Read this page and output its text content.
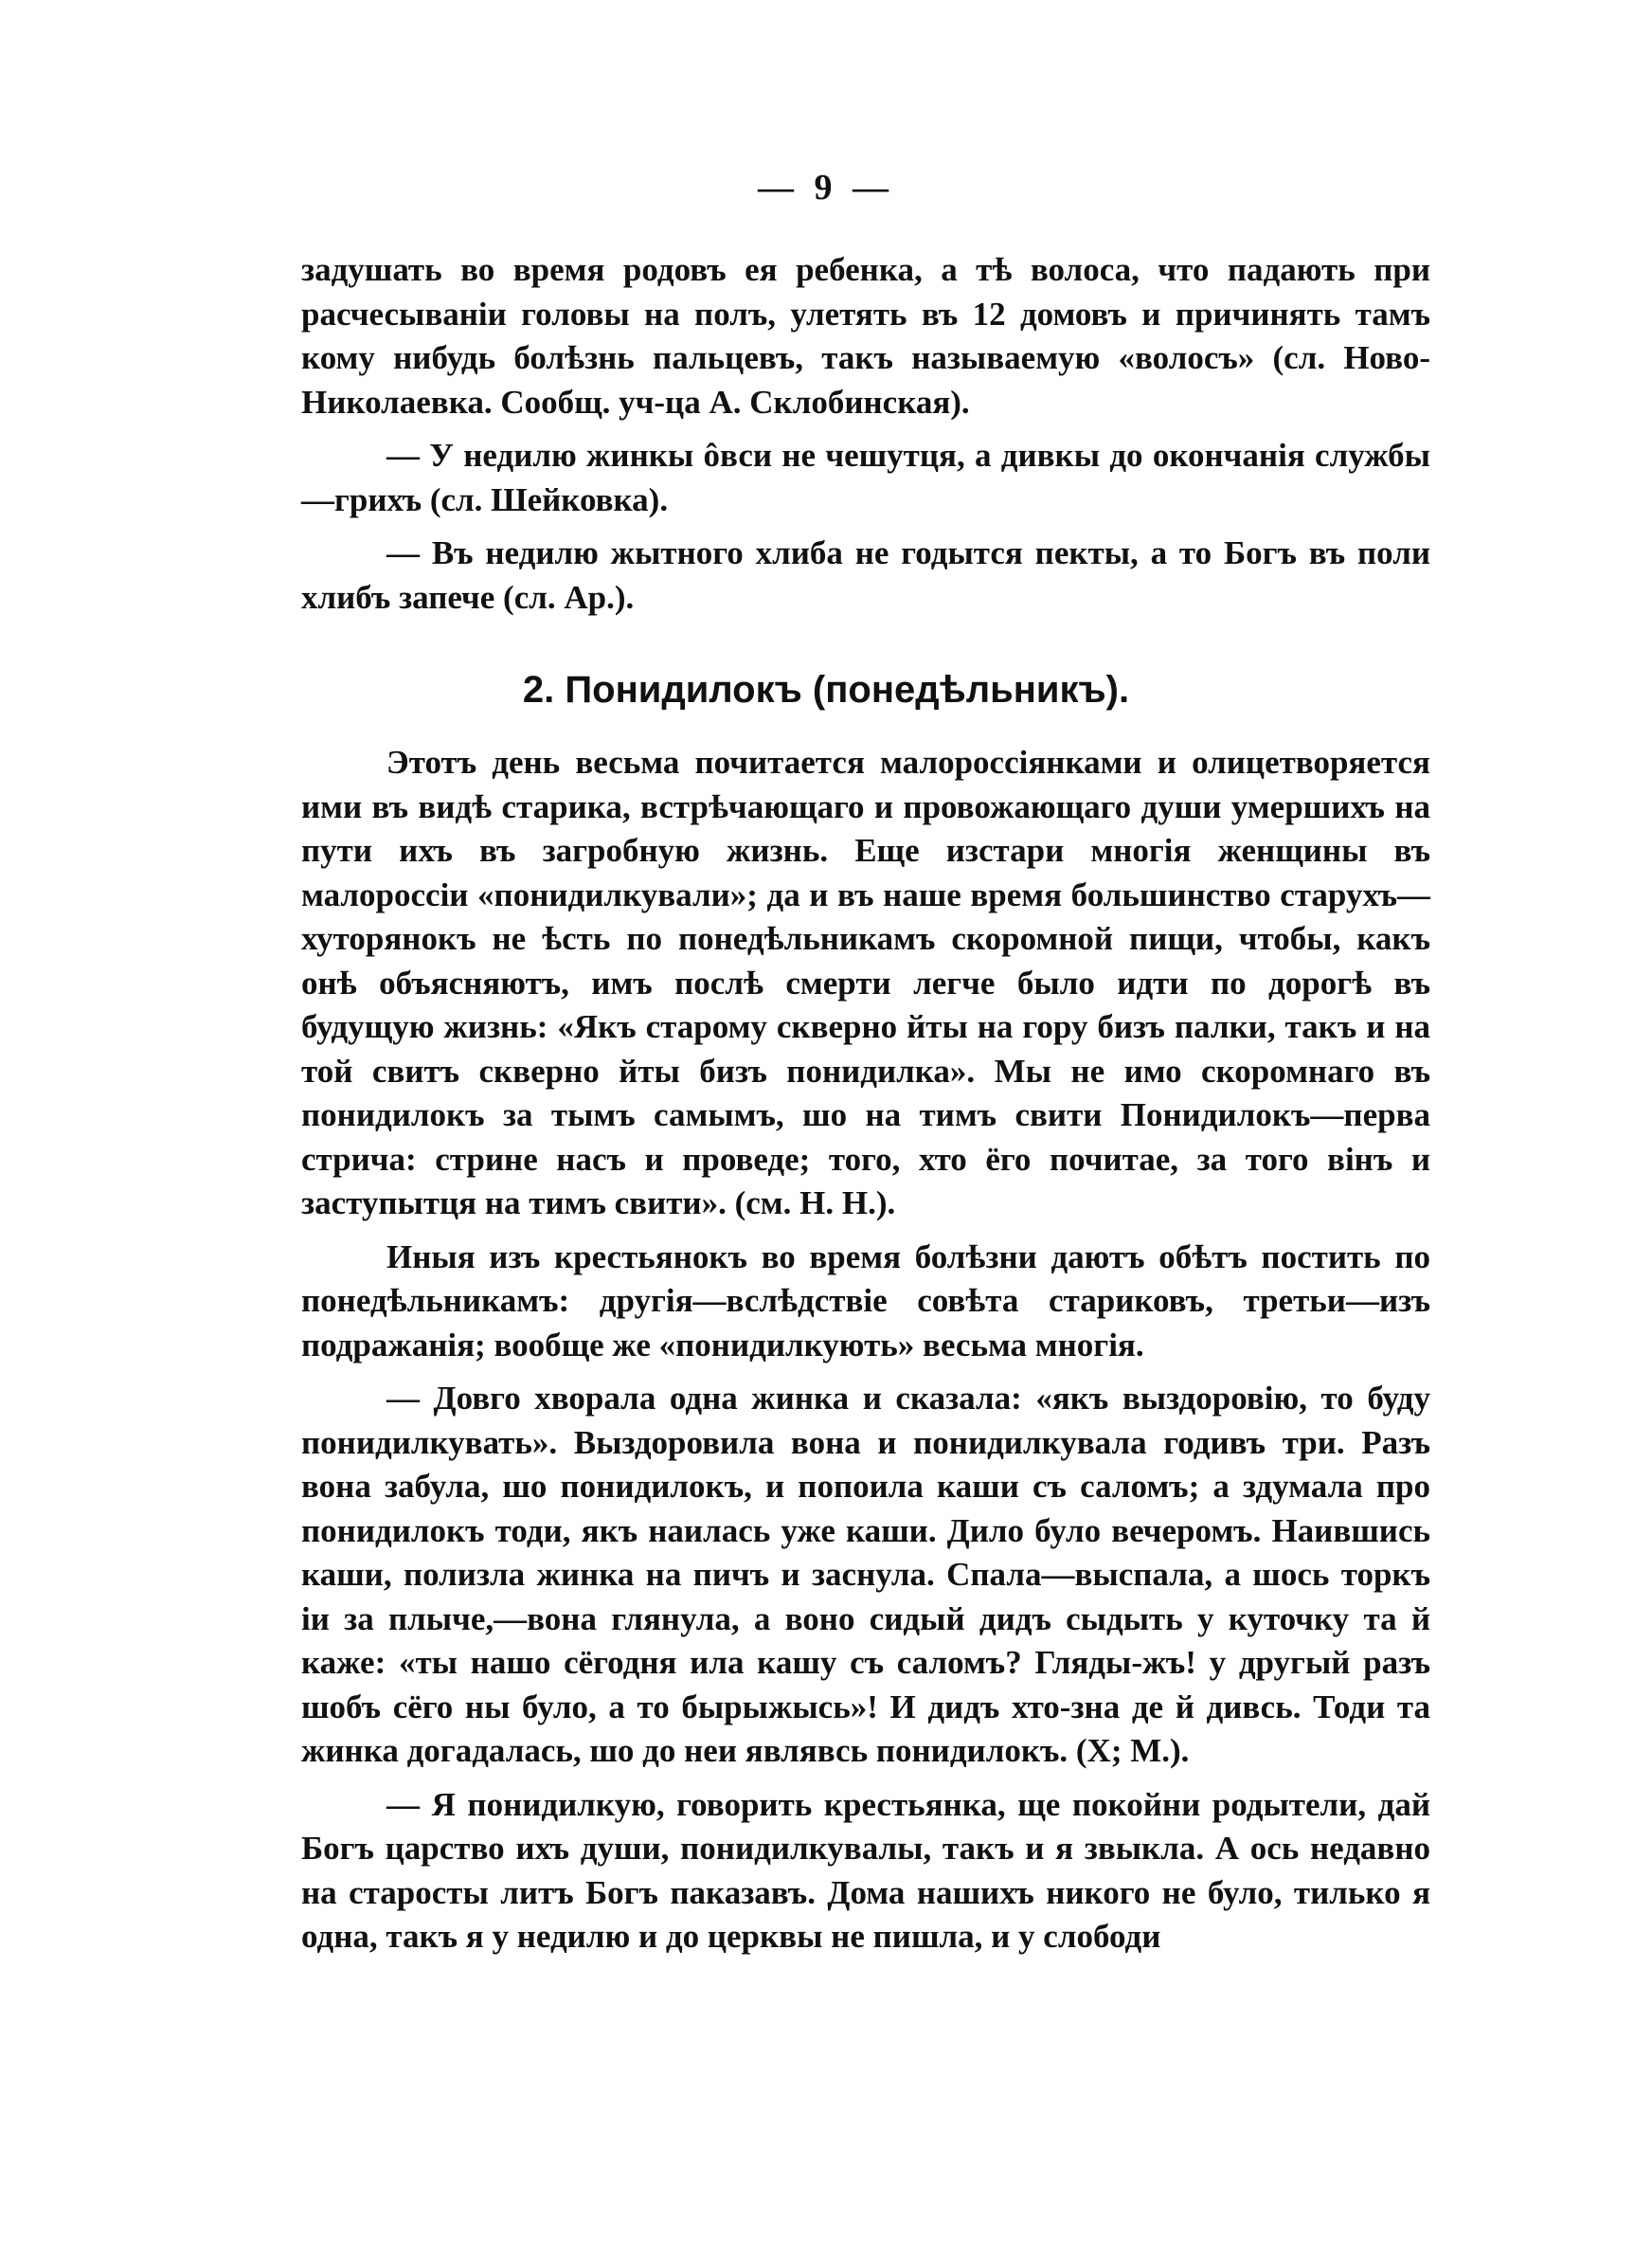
— 9 —

задушать во время родовъ ея ребенка, а тѣ волоса, что падають при расчесываніи головы на полъ, улетять въ 12 домовъ и причинять тамъ кому нибудь болѣзнь пальцевъ, такъ называемую «волосъ» (сл. Ново-Николаевка. Сообщ. уч-ца А. Склобинская).

— У недилю жинкы ôвси не чешутця, а дивкы до окончанія службы—грихъ (сл. Шейковка).

— Въ недилю жытного хлиба не годытся пекты, а то Богъ въ поли хлибъ запече (сл. Ар.).

2. Понидилокъ (понедѣльникъ).

Этотъ день весьма почитается малороссіянками и олицетворяется ими въ видѣ старика, встрѣчающаго и провожающаго души умершихъ на пути ихъ въ загробную жизнь. Еще изстари многія женщины въ малороссіи «понидилкували»; да и въ наше время большинство старухъ—хуторянокъ не ѣсть по понедѣльникамъ скоромной пищи, чтобы, какъ онѣ объясняютъ, имъ послѣ смерти легче было идти по дорогѣ въ будущую жизнь: «Якъ старому скверно йты на гору бизъ палки, такъ и на той свитъ скверно йты бизъ понидилка». Мы не имо скоромнаго въ понидилокъ за тымъ самымъ, шо на тимъ свити Понидилокъ—перва стрича: стрине насъ и проведе; того, хто ёго почитае, за того вінъ и заступытця на тимъ свити». (см. Н. Н.).

Иныя изъ крестьянокъ во время болѣзни даютъ обѣтъ постить по понедѣльникамъ: другія—вслѣдствіе совѣта стариковъ, третьи—изъ подражанія; вообще же «понидилкують» весьма многія.

— Довго хворала одна жинка и сказала: «якъ выздоровію, то буду понидилкувать». Выздоровила вона и понидилкувала годивъ три. Разъ вона забула, шо понидилокъ, и попоила каши съ саломъ; а здумала про понидилокъ тоди, якъ наилась уже каши. Дило було вечеромъ. Наившись каши, полизла жинка на пичъ и заснула. Спала—выспала, а шось торкъ іи за плыче,—вона глянула, а воно сидый дидъ сыдыть у куточку та й каже: «ты нашо сёгодня ила кашу съ саломъ? Гляды-жъ! у другый разъ шобъ сёго ны було, а то бырыжысь»! И дидъ хто-зна де й дивсь. Тоди та жинка догадалась, шо до неи являвсь понидилокъ. (Х; М.).

— Я понидилкую, говорить крестьянка, ще покойни родытели, дай Богъ царство ихъ души, понидилкувалы, такъ и я звыкла. А ось недавно на старосты литъ Богъ паказавъ. Дома нашихъ никого не було, тилько я одна, такъ я у недилю и до церквы не пишла, и у слободи
